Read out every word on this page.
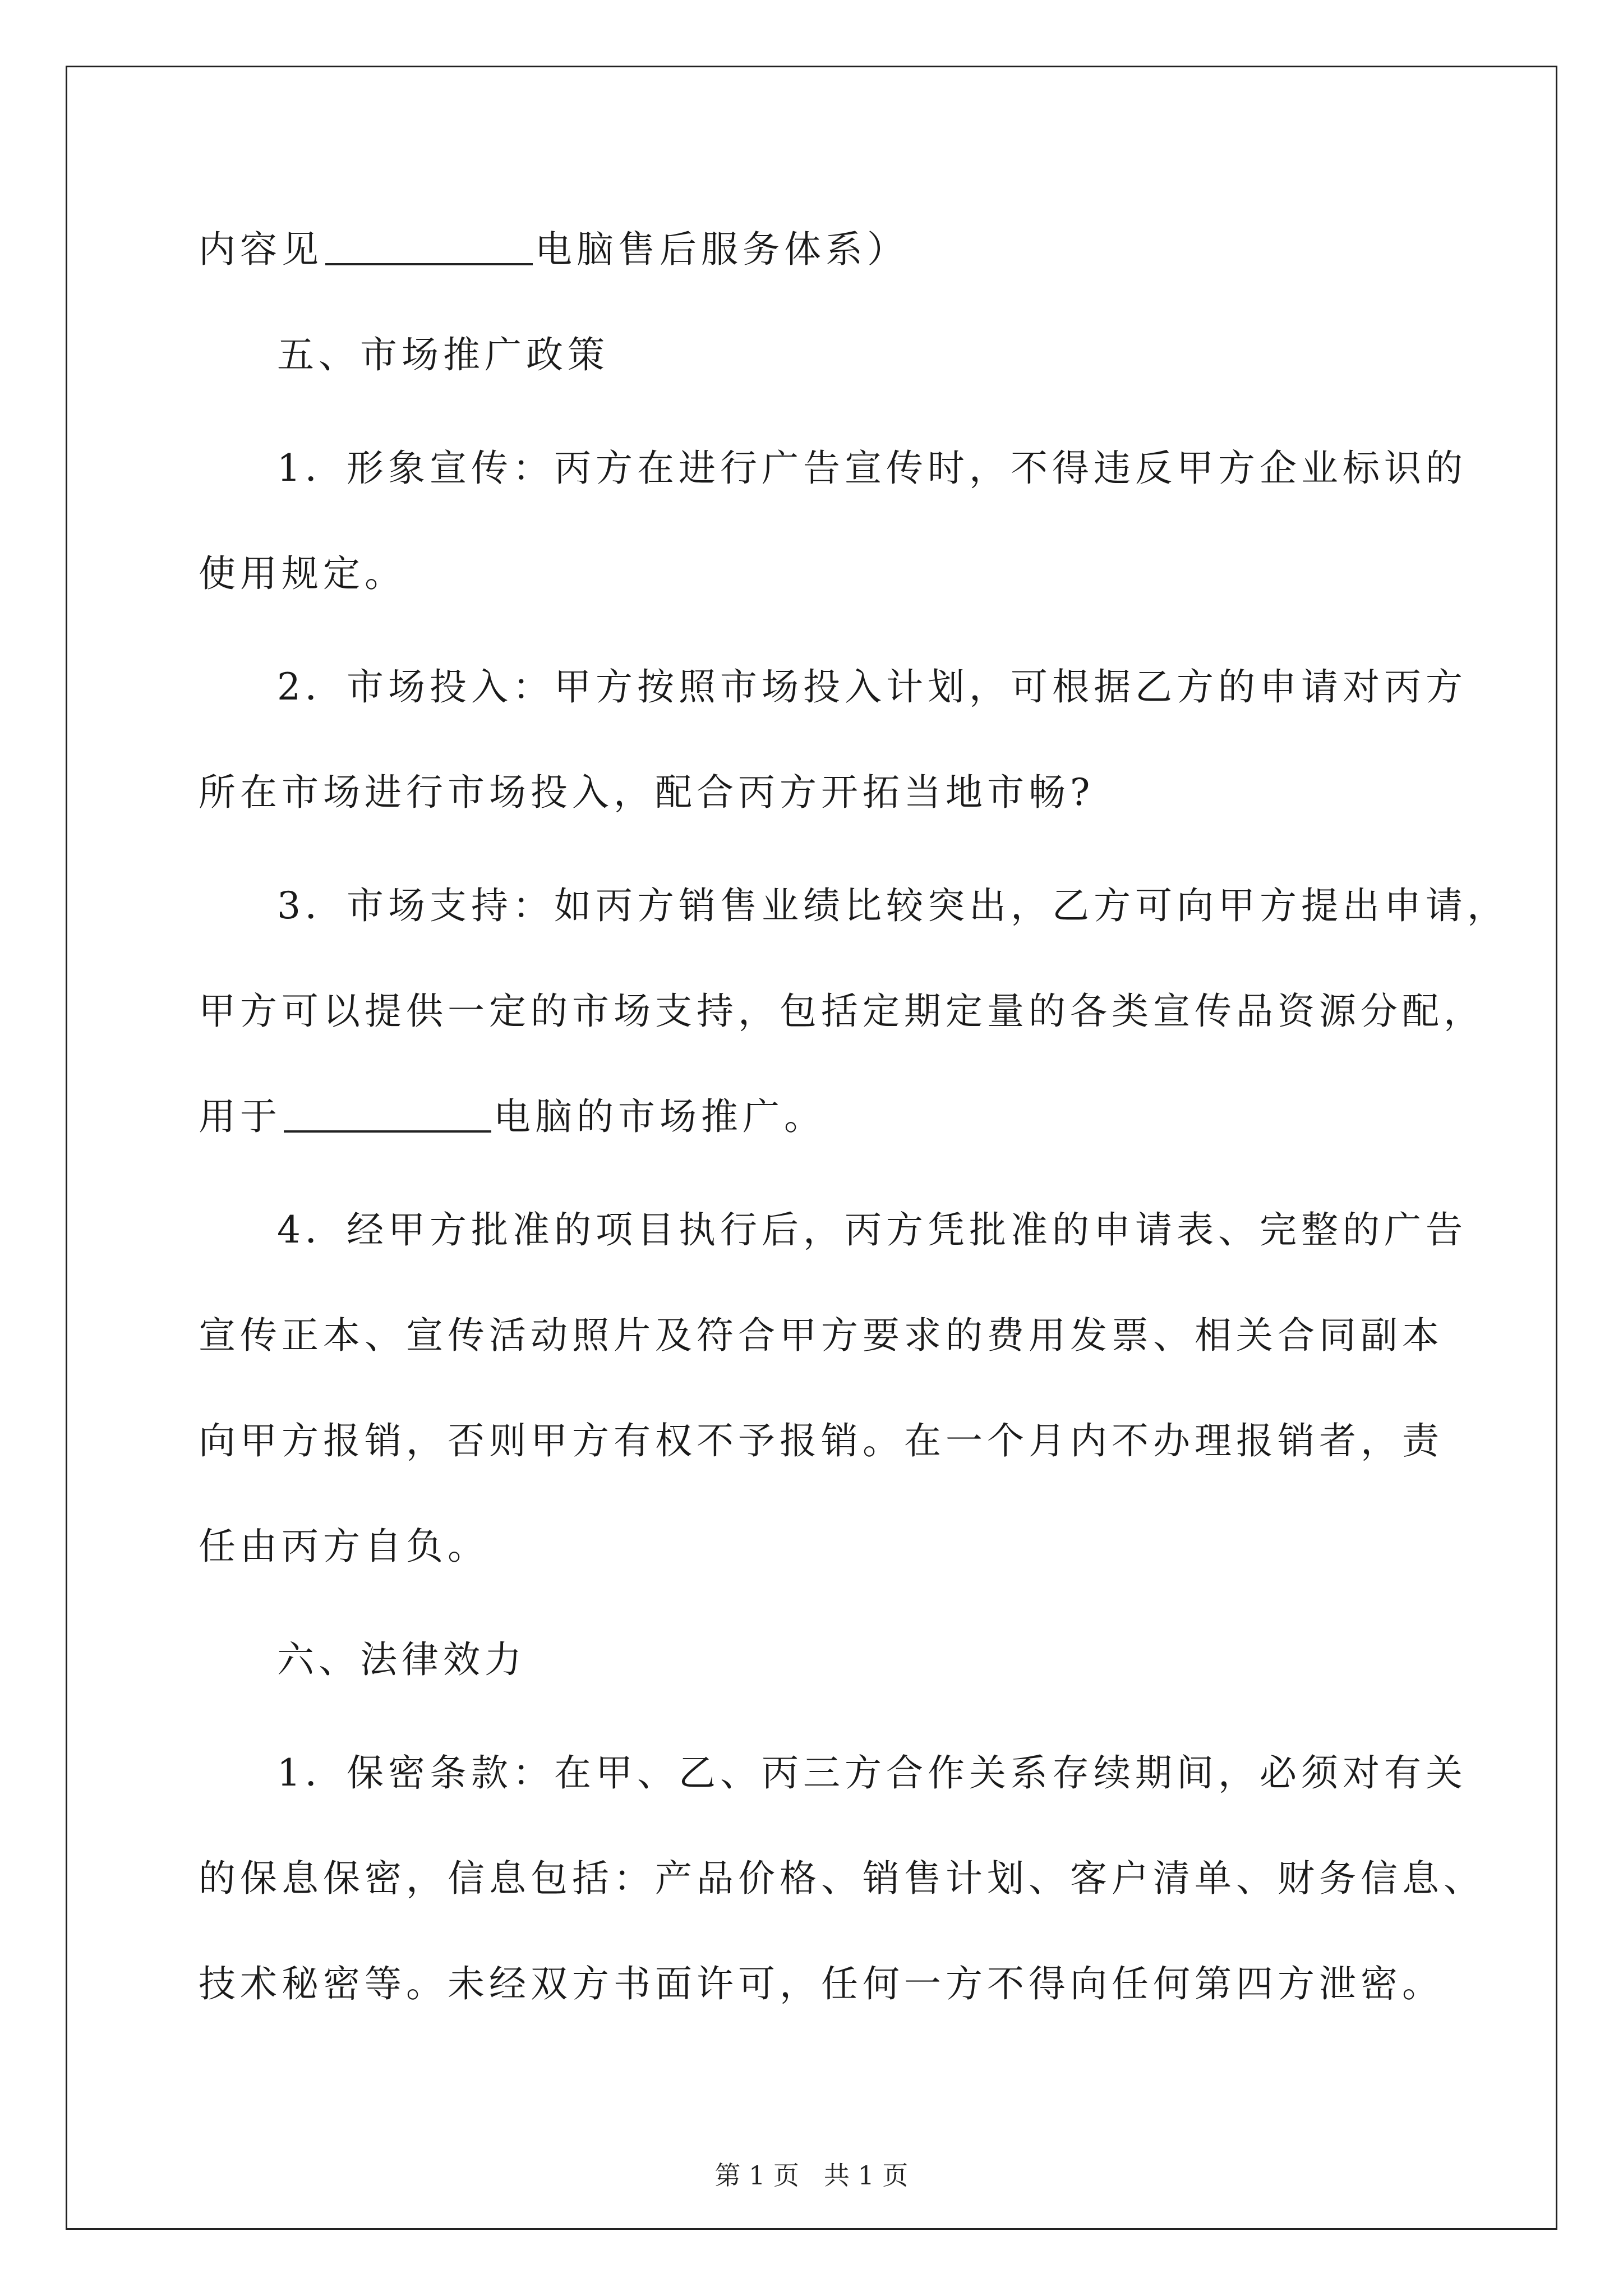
内容见	电脑售后服务体系）
五、市场推广政策
1．形象宣传：丙方在进行广告宣传时，不得违反甲方企业标识的
使用规定。
2．市场投入：甲方按照市场投入计划，可根据乙方的申请对丙方
所在市场进行市场投入，配合丙方开拓当地市畅?
3．市场支持：如丙方销售业绩比较突出，乙方可向甲方提出申请，
甲方可以提供一定的市场支持，包括定期定量的各类宣传品资源分配，
用于	电脑的市场推广。
4．经甲方批准的项目执行后，丙方凭批准的申请表、完整的广告
宣传正本、宣传活动照片及符合甲方要求的费用发票、相关合同副本
向甲方报销，否则甲方有权不予报销。在一个月内不办理报销者，责
任由丙方自负。
六、法律效力
1．保密条款：在甲、乙、丙三方合作关系存续期间，必须对有关
的保息保密，信息包括：产品价格、销售计划、客户清单、财务信息、
技术秘密等。未经双方书面许可，任何一方不得向任何第四方泄密。
第 1 页   共 1 页
